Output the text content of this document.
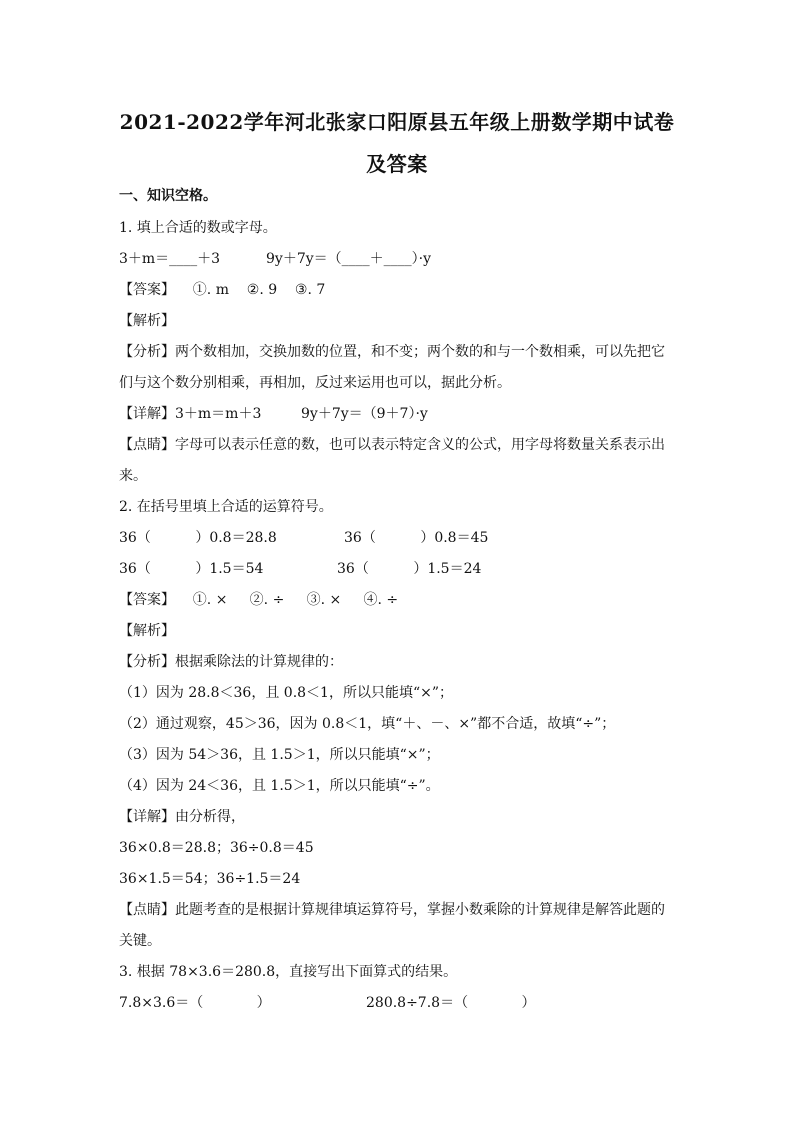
2021-2022学年河北张家口阳原县五年级上册数学期中试卷
及答案
一、知识空格。
1. 填上合适的数或字母。
3＋m＝____＋3	9y＋7y＝（____＋____）·y
【答案】    ①. m    ②. 9    ③. 7
【解析】
【分析】两个数相加，交换加数的位置，和不变；两个数的和与一个数相乘，可以先把它
们与这个数分别相乘，再相加，反过来运用也可以，据此分析。
【详解】3＋m＝m＋3	9y＋7y＝（9＋7）·y
【点睛】字母可以表示任意的数，也可以表示特定含义的公式，用字母将数量关系表示出
来。
2. 在括号里填上合适的运算符号。
36（          ）0.8＝28.8	36（          ）0.8＝45
36（          ）1.5＝54	36（          ）1.5＝24
【答案】    ①. ×     ②. ÷     ③. ×     ④. ÷
【解析】
【分析】根据乘除法的计算规律的：
（1）因为 28.8＜36，且 0.8＜1，所以只能填“×”；
（2）通过观察，45＞36，因为 0.8＜1，填“＋、－、×”都不合适，故填“÷”；
（3）因为 54＞36，且 1.5＞1，所以只能填“×”；
（4）因为 24＜36，且 1.5＞1，所以只能填“÷”。
【详解】由分析得，
36×0.8＝28.8；36÷0.8＝45
36×1.5＝54；36÷1.5＝24
【点睛】此题考查的是根据计算规律填运算符号，掌握小数乘除的计算规律是解答此题的
关键。
3. 根据 78×3.6＝280.8，直接写出下面算式的结果。
7.8×3.6＝（            ）	280.8÷7.8＝（            ）
